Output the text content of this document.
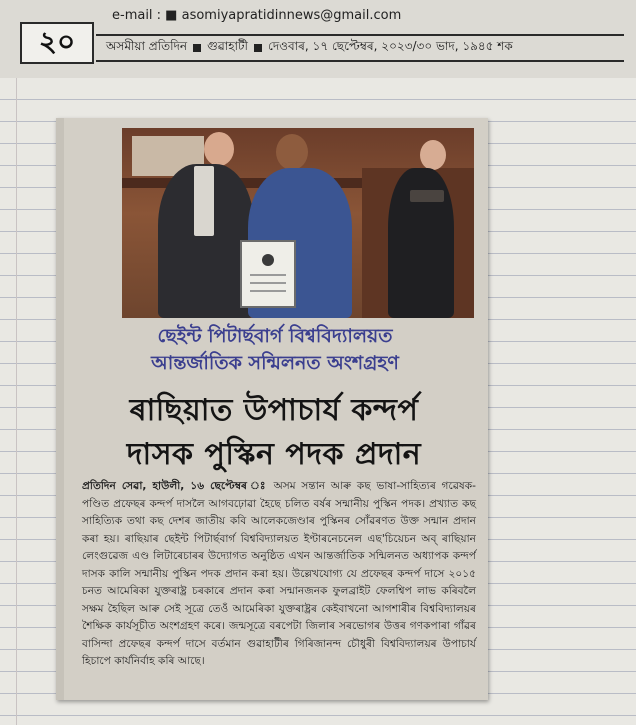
e-mail : ■ asomiyapratidinnews@gmail.com
২০	অসমীয়া প্ৰতিদিন গুৱাহাটী দেওবাৰ, ১৭ ছেপ্টেম্বৰ, ২০২৩/৩০ ভাদ, ১৯৪৫ শক
ছেইন্ট পিটাৰ্ছবাৰ্গ বিশ্ববিদ্যালয়ত
আন্তৰ্জাতিক সন্মিলনত অংশগ্ৰহণ
ৰাছিয়াত উপাচাৰ্য কন্দৰ্প
দাসক পুস্কিন পদক প্ৰদান
প্ৰতিদিন সেৱা, হাউলী, ১৬ ছেপ্টেম্বৰ ঃ অসম সন্তান আৰু কছ ভাষা-সাহিত্যৰ গৱেষক-পণ্ডিত প্ৰফেছৰ কন্দৰ্প দাসলৈ আগবঢ়োৱা হৈছে চলিত বৰ্ষৰ সন্মানীয় পুস্কিন পদক। প্ৰখ্যাত কছ সাহিত্যিক তথা কছ দেশৰ জাতীয় কবি আলেকজেণ্ডাৰ পুস্কিনৰ সোঁৱৰণত উক্ত সন্মান প্ৰদান কৰা হয়। ৰাছিয়াৰ ছেইন্ট পিটাৰ্ছবাৰ্গ বিশ্ববিদ্যালয়ত ইণ্টাৰনেচনেল এছ'চিয়েচন অব্‌ ৰাছিয়ান লেংগুৱেজ এণ্ড লিটাৰেচাৰৰ উদ্যোগত অনুষ্ঠিত এখন আন্তৰ্জাতিক সন্মিলনত অধ্যাপক কন্দৰ্প দাসক কালি সন্মানীয় পুস্কিন পদক প্ৰদান কৰা হয়। উল্লেখযোগ্য যে প্ৰফেছৰ কন্দৰ্প দাসে ২০১৫ চনত আমেৰিকা যুক্তৰাষ্ট্ৰ চৰকাৰে প্ৰদান কৰা সন্মানজনক ফুলব্ৰাইট ফেলশ্বিপ লাভ কৰিবলৈ সক্ষম হৈছিল আৰু সেই সূত্ৰে তেওঁ আমেৰিকা যুক্তৰাষ্ট্ৰৰ কেইবাখনো আগশাৰীৰ বিশ্ববিদ্যালয়ৰ শৈক্ষিক কাৰ্যসূচীত অংশগ্ৰহণ কৰে। জন্মসূত্ৰে বৰপেটা জিলাৰ সৰভোগৰ উত্তৰ গণকপাৰা গাঁৱৰ বাসিন্দা প্ৰফেছৰ কন্দৰ্প দাসে বৰ্তমান গুৱাহাটীৰ গিৰিজানন্দ চৌধুৰী বিশ্ববিদ্যালয়ৰ উপাচাৰ্য হিচাপে কাৰ্যনিৰ্বাহ কৰি আছে।
